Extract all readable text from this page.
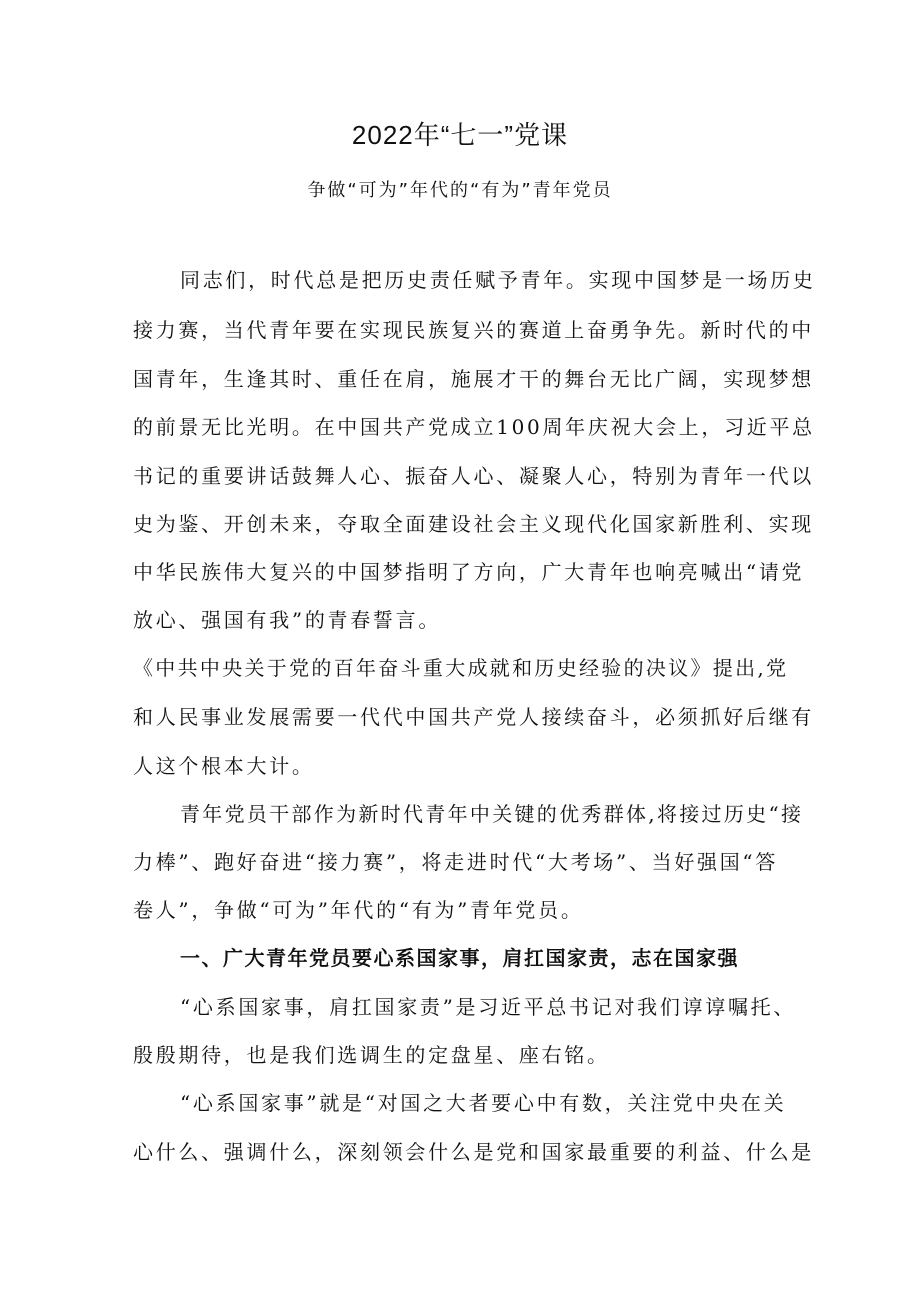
2022年“七一”党课
争做“可为”年代的“有为”青年党员
同志们，时代总是把历史责任赋予青年。实现中国梦是一场历史
接力赛，当代青年要在实现民族复兴的赛道上奋勇争先。新时代的中
国青年，生逢其时、重任在肩，施展才干的舞台无比广阔，实现梦想
的前景无比光明。在中国共产党成立100周年庆祝大会上，习近平总
书记的重要讲话鼓舞人心、振奋人心、凝聚人心，特别为青年一代以
史为鉴、开创未来，夺取全面建设社会主义现代化国家新胜利、实现
中华民族伟大复兴的中国梦指明了方向，广大青年也响亮喊出“请党
放心、强国有我”的青春誓言。
《中共中央关于党的百年奋斗重大成就和历史经验的决议》提出,党
和人民事业发展需要一代代中国共产党人接续奋斗，必须抓好后继有
人这个根本大计。
青年党员干部作为新时代青年中关键的优秀群体,将接过历史“接
力棒”、跑好奋进“接力赛”，将走进时代“大考场”、当好强国“答
卷人”，争做“可为”年代的“有为”青年党员。
一、广大青年党员要心系国家事，肩扛国家责，志在国家强
“心系国家事，肩扛国家责”是习近平总书记对我们谆谆嘱托、
殷殷期待，也是我们选调生的定盘星、座右铭。
“心系国家事”就是“对国之大者要心中有数，关注党中央在关
心什么、强调什么，深刻领会什么是党和国家最重要的利益、什么是
